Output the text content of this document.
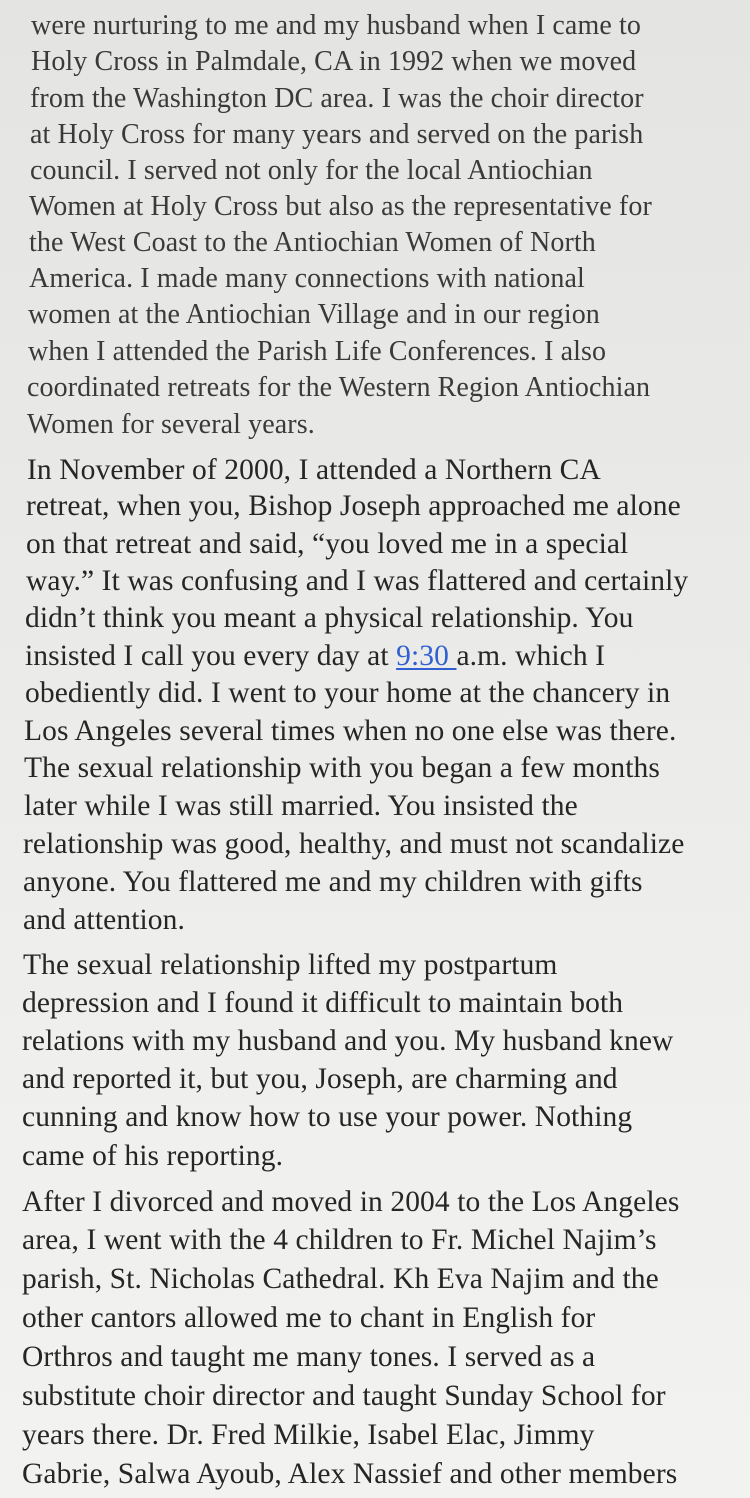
were nurturing to me and my husband when I came to
Holy Cross in Palmdale, CA in 1992 when we moved
from the Washington DC area. I was the choir director
at Holy Cross for many years and served on the parish
council. I served not only for the local Antiochian
Women at Holy Cross but also as the representative for
the West Coast to the Antiochian Women of North
America. I made many connections with national
women at the Antiochian Village and in our region
when I attended the Parish Life Conferences. I also
coordinated retreats for the Western Region Antiochian
Women for several years.
In November of 2000, I attended a Northern CA
retreat, when you, Bishop Joseph approached me alone
on that retreat and said, “you loved me in a special
way.” It was confusing and I was flattered and certainly
didn’t think you meant a physical relationship. You
insisted I call you every day at 9:30 a.m. which I
obediently did. I went to your home at the chancery in
Los Angeles several times when no one else was there.
The sexual relationship with you began a few months
later while I was still married. You insisted the
relationship was good, healthy, and must not scandalize
anyone. You flattered me and my children with gifts
and attention.
The sexual relationship lifted my postpartum
depression and I found it difficult to maintain both
relations with my husband and you. My husband knew
and reported it, but you, Joseph, are charming and
cunning and know how to use your power. Nothing
came of his reporting.
After I divorced and moved in 2004 to the Los Angeles
area, I went with the 4 children to Fr. Michel Najim’s
parish, St. Nicholas Cathedral. Kh Eva Najim and the
other cantors allowed me to chant in English for
Orthros and taught me many tones. I served as a
substitute choir director and taught Sunday School for
years there. Dr. Fred Milkie, Isabel Elac, Jimmy
Gabrie, Salwa Ayoub, Alex Nassief and other members
